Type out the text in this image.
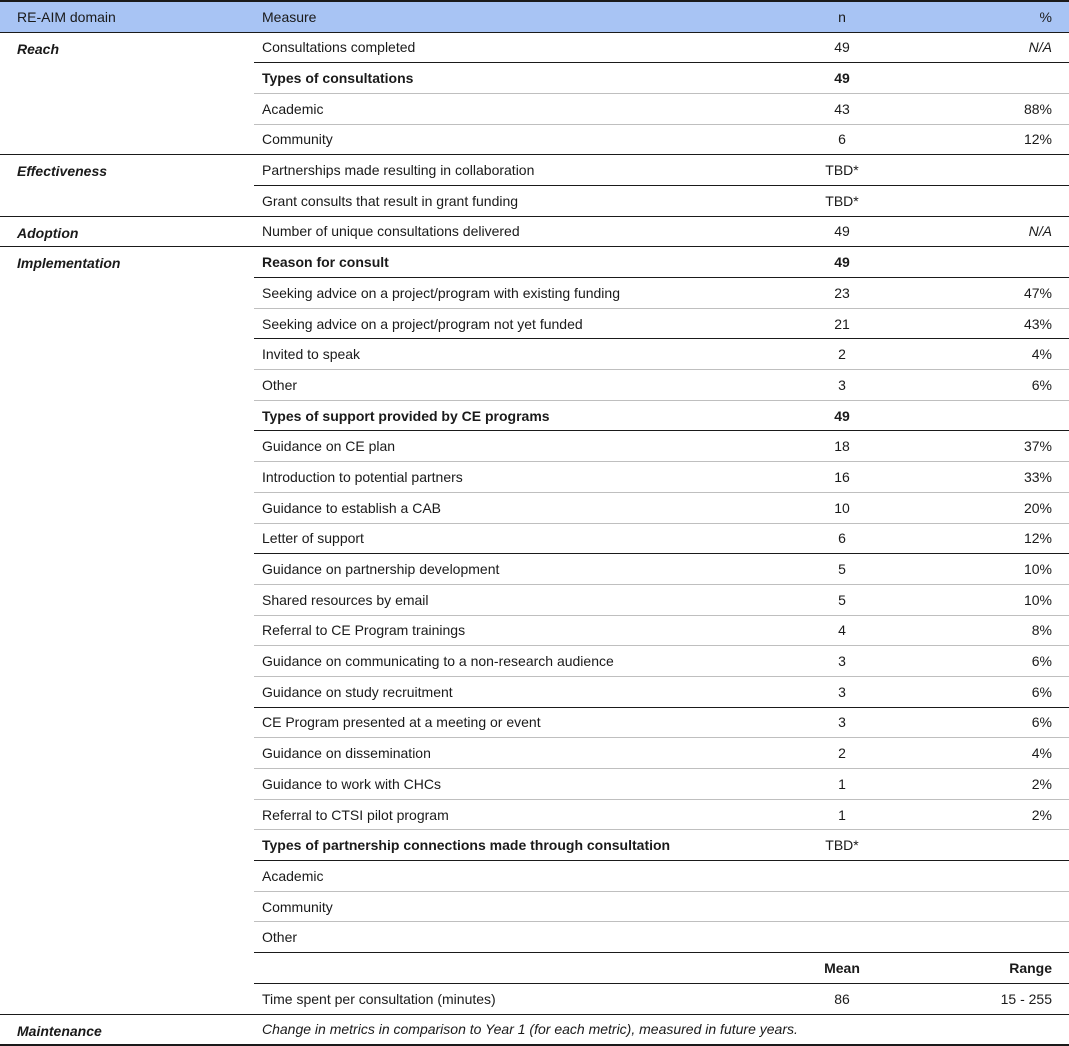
RE-AIM domain	Measure	n	%
Reach	Consultations completed	49	N/A
	Types of consultations	49	
	Academic	43	88%
	Community	6	12%
Effectiveness	Partnerships made resulting in collaboration	TBD*	
	Grant consults that result in grant funding	TBD*	
Adoption	Number of unique consultations delivered	49	N/A
Implementation	Reason for consult	49	
	Seeking advice on a project/program with existing funding	23	47%
	Seeking advice on a project/program not yet funded	21	43%
	Invited to speak	2	4%
	Other	3	6%
	Types of support provided by CE programs	49	
	Guidance on CE plan	18	37%
	Introduction to potential partners	16	33%
	Guidance to establish a CAB	10	20%
	Letter of support	6	12%
	Guidance on partnership development	5	10%
	Shared resources by email	5	10%
	Referral to CE Program trainings	4	8%
	Guidance on communicating to a non-research audience	3	6%
	Guidance on study recruitment	3	6%
	CE Program presented at a meeting or event	3	6%
	Guidance on dissemination	2	4%
	Guidance to work with CHCs	1	2%
	Referral to CTSI pilot program	1	2%
	Types of partnership connections made through consultation	TBD*	
	Academic		
	Community		
	Other		
		Mean	Range
	Time spent per consultation (minutes)	86	15 - 255
Maintenance	Change in metrics in comparison to Year 1 (for each metric), measured in future years.		
